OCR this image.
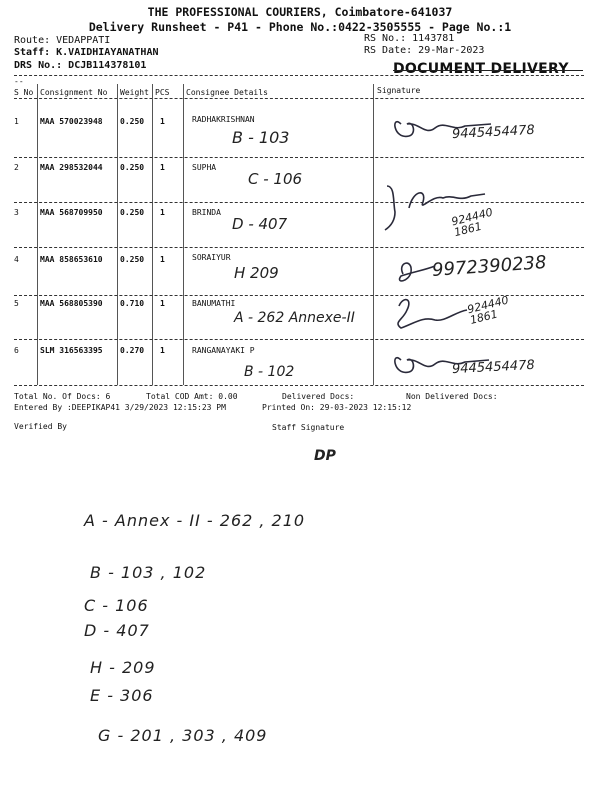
THE PROFESSIONAL COURIERS, Coimbatore-641037
Delivery Runsheet - P41 - Phone No.:0422-3505555 - Page No.:1
Route: VEDAPPATI
Staff: K.VAIDHIAYANATHAN
DRS No.: DCJB114378101
RS No.: 1143781
RS Date: 29-Mar-2023
DOCUMENT DELIVERY
--
S No Consignment No Weight PCS Consignee Details	Signature
1	MAA 570023948 0.250 1	RADHAKRISHNAN
B - 103	9445454478
2	MAA 298532044 0.250 1	SUPHA
C - 106
3	MAA 568709950 0.250 1	BRINDA
D - 407	924440 1861
4	MAA 858653610 0.250 1	SORAIYUR
H 209	9972390238
5	MAA 568805390 0.710 1	BANUMATHI
A - 262 Annexe-II
924440 1861
6	SLM 316563395 0.270 1	RANGANAYAKI P
B - 102	9445454478
Total No. Of Docs: 6	Total COD Amt: 0.00	Delivered Docs:	Non Delivered Docs:
Entered By :DEEPIKAP41 3/29/2023 12:15:23 PM	Printed On: 29-03-2023 12:15:12
Verified By	Staff Signature
DP
A - Annex - II - 262 , 210
B - 103 , 102
C - 106
D - 407
H - 209
E - 306
G - 201 , 303 , 409
